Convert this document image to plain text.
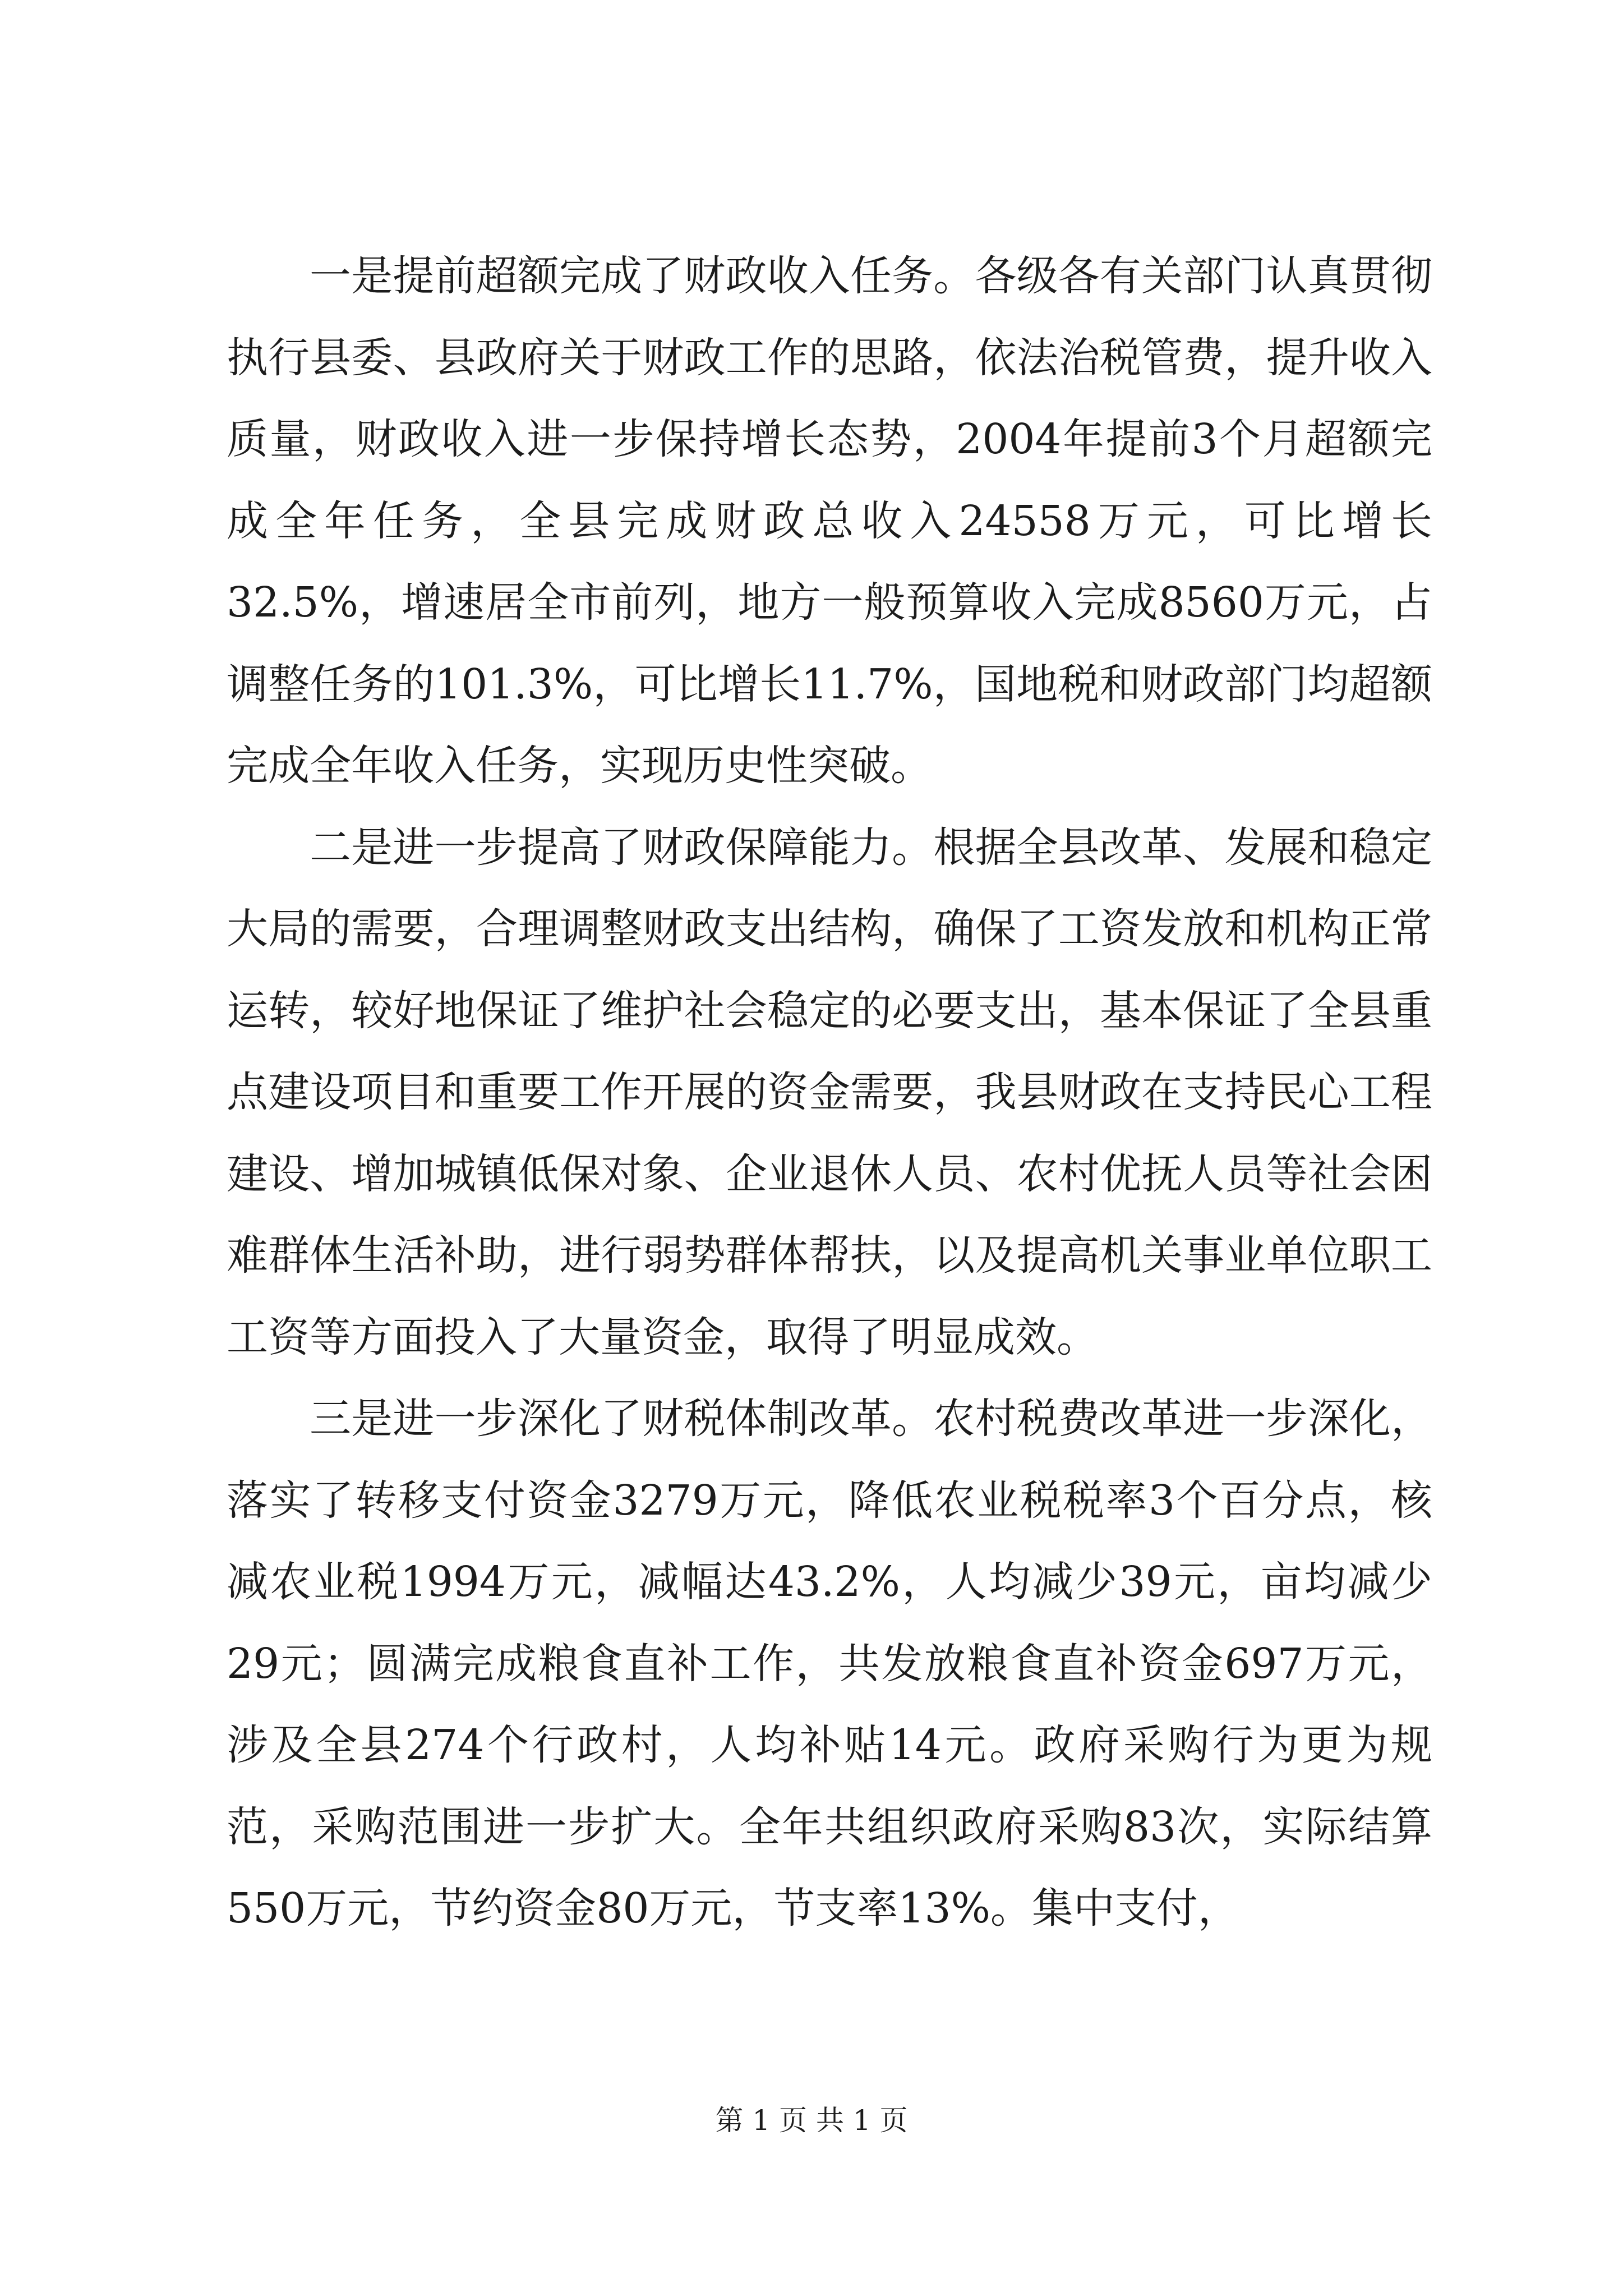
一是提前超额完成了财政收入任务。各级各有关部门认真贯彻执行县委、县政府关于财政工作的思路，依法治税管费，提升收入质量，财政收入进一步保持增长态势，2004年提前3个月超额完成全年任务，全县完成财政总收入24558万元，可比增长32.5%，增速居全市前列，地方一般预算收入完成8560万元，占调整任务的101.3%，可比增长11.7%，国地税和财政部门均超额完成全年收入任务，实现历史性突破。

二是进一步提高了财政保障能力。根据全县改革、发展和稳定大局的需要，合理调整财政支出结构，确保了工资发放和机构正常运转，较好地保证了维护社会稳定的必要支出，基本保证了全县重点建设项目和重要工作开展的资金需要，我县财政在支持民心工程建设、增加城镇低保对象、企业退休人员、农村优抚人员等社会困难群体生活补助，进行弱势群体帮扶，以及提高机关事业单位职工工资等方面投入了大量资金，取得了明显成效。

三是进一步深化了财税体制改革。农村税费改革进一步深化，落实了转移支付资金3279万元，降低农业税税率3个百分点，核减农业税1994万元，减幅达43.2%，人均减少39元，亩均减少29元；圆满完成粮食直补工作，共发放粮食直补资金697万元，涉及全县274个行政村，人均补贴14元。政府采购行为更为规范，采购范围进一步扩大。全年共组织政府采购83次，实际结算550万元，节约资金80万元，节支率13%。集中支付，

第 1 页 共 1 页
